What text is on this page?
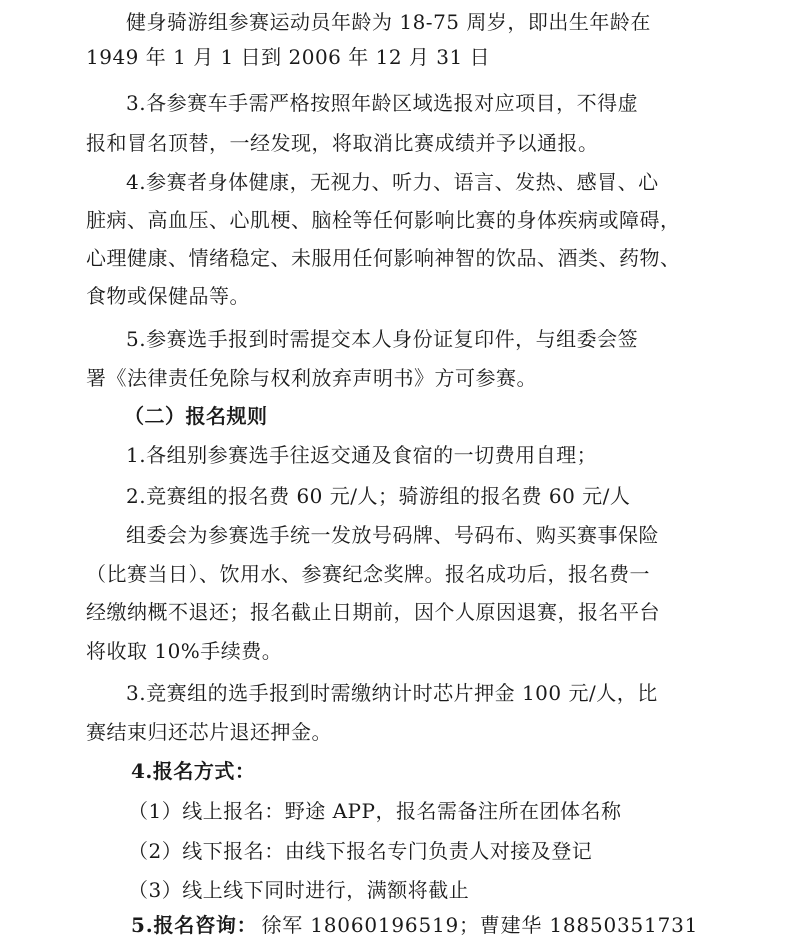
健身骑游组参赛运动员年龄为 18-75 周岁，即出生年龄在
1949 年 1 月 1 日到 2006 年 12 月 31 日
3.各参赛车手需严格按照年龄区域选报对应项目，不得虚
报和冒名顶替，一经发现，将取消比赛成绩并予以通报。
4.参赛者身体健康，无视力、听力、语言、发热、感冒、心
脏病、高血压、心肌梗、脑栓等任何影响比赛的身体疾病或障碍，
心理健康、情绪稳定、未服用任何影响神智的饮品、酒类、药物、
食物或保健品等。
5.参赛选手报到时需提交本人身份证复印件，与组委会签
署《法律责任免除与权利放弃声明书》方可参赛。
（二）报名规则
1.各组别参赛选手往返交通及食宿的一切费用自理；
2.竞赛组的报名费 60 元/人；骑游组的报名费 60 元/人
组委会为参赛选手统一发放号码牌、号码布、购买赛事保险
（比赛当日）、饮用水、参赛纪念奖牌。报名成功后，报名费一
经缴纳概不退还；报名截止日期前，因个人原因退赛，报名平台
将收取 10%手续费。
3.竞赛组的选手报到时需缴纳计时芯片押金 100 元/人，比
赛结束归还芯片退还押金。
4.报名方式：
（1）线上报名：野途 APP，报名需备注所在团体名称
（2）线下报名：由线下报名专门负责人对接及登记
（3）线上线下同时进行，满额将截止
5.报名咨询： 徐军 18060196519；曹建华 18850351731
